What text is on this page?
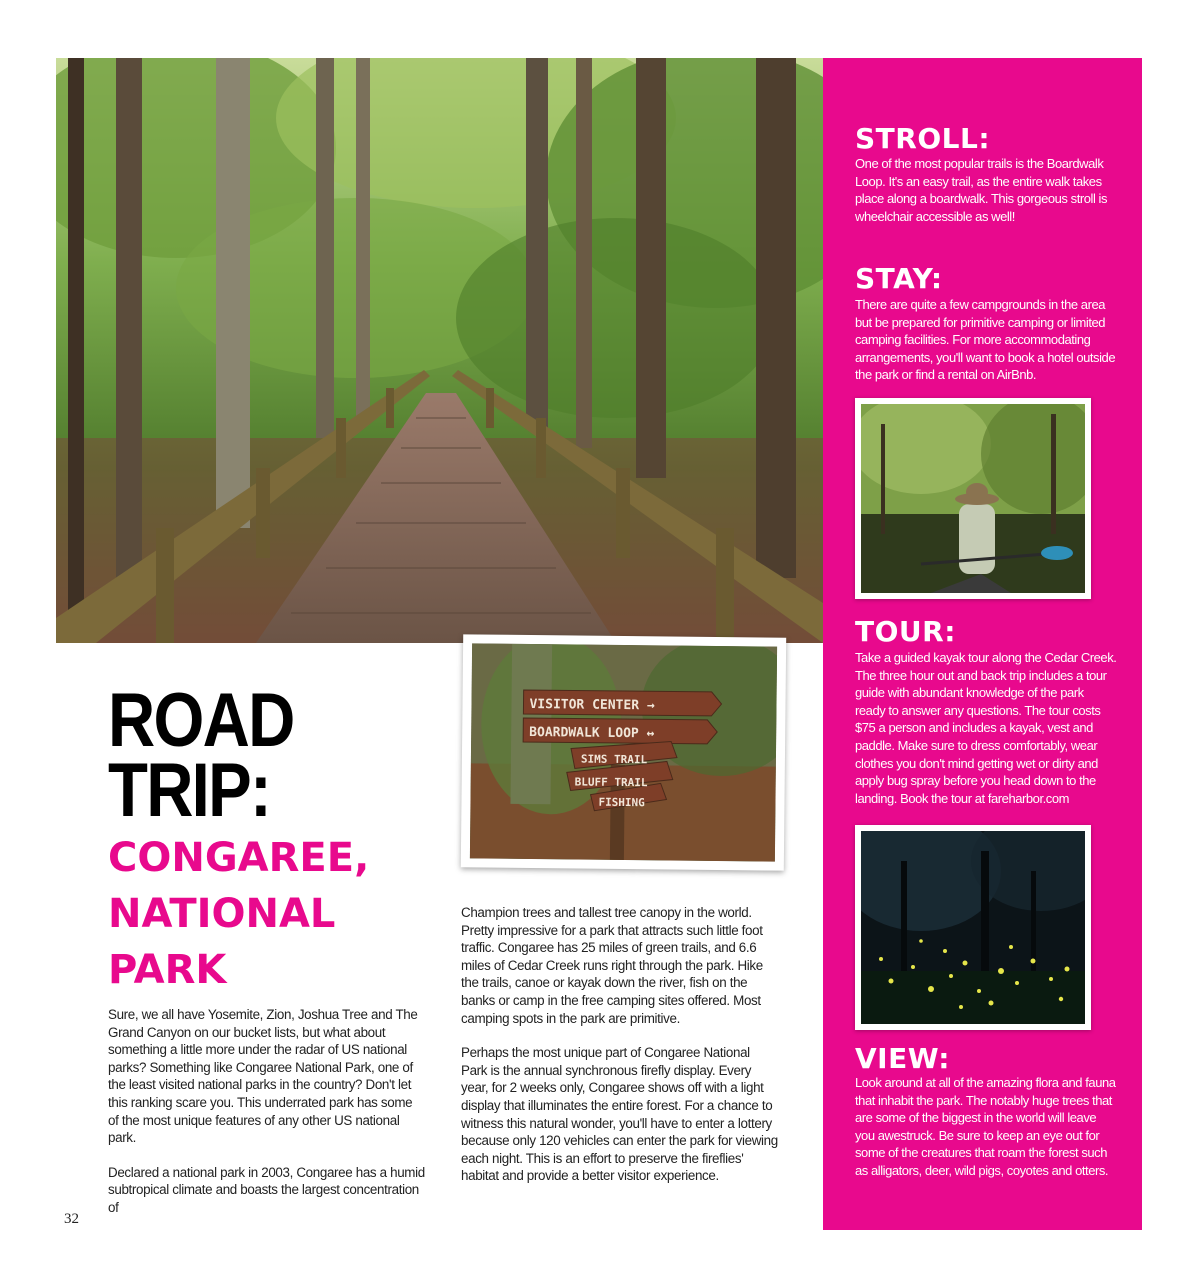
VISITOR CENTER →
BOARDWALK LOOP ↔
SIMS TRAIL
BLUFF TRAIL
FISHING
ROAD
TRIP:
CONGAREE,
NATIONAL
PARK

Sure, we all have Yosemite, Zion, Joshua Tree and The Grand Canyon on our bucket lists, but what about something a little more under the radar of US national parks? Something like Congaree National Park, one of the least visited national parks in the country? Don't let this ranking scare you. This underrated park has some of the most unique features of any other US national park.

Declared a national park in 2003, Congaree has a humid subtropical climate and boasts the largest concentration of

Champion trees and tallest tree canopy in the world. Pretty impressive for a park that attracts such little foot traffic. Congaree has 25 miles of green trails, and 6.6 miles of Cedar Creek runs right through the park. Hike the trails, canoe or kayak down the river, fish on the banks or camp in the free camping sites offered. Most camping spots in the park are primitive.

Perhaps the most unique part of Congaree National Park is the annual synchronous firefly display. Every year, for 2 weeks only, Congaree shows off with a light display that illuminates the entire forest. For a chance to witness this natural wonder, you'll have to enter a lottery because only 120 vehicles can enter the park for viewing each night. This is an effort to preserve the fireflies' habitat and provide a better visitor experience.

32
STROLL:
One of the most popular trails is the Boardwalk Loop. It's an easy trail, as the entire walk takes place along a boardwalk. This gorgeous stroll is wheelchair accessible as well!
STAY:
There are quite a few campgrounds in the area but be prepared for primitive camping or limited camping facilities. For more accommodating arrangements, you'll want to book a hotel outside the park or find a rental on AirBnb.
TOUR:
Take a guided kayak tour along the Cedar Creek. The three hour out and back trip includes a tour guide with abundant knowledge of the park ready to answer any questions. The tour costs $75 a person and includes a kayak, vest and paddle. Make sure to dress comfortably, wear clothes you don't mind getting wet or dirty and apply bug spray before you head down to the landing. Book the tour at fareharbor.com
VIEW:
Look around at all of the amazing flora and fauna that inhabit the park. The notably huge trees that are some of the biggest in the world will leave you awestruck. Be sure to keep an eye out for some of the creatures that roam the forest such as alligators, deer, wild pigs, coyotes and otters.
